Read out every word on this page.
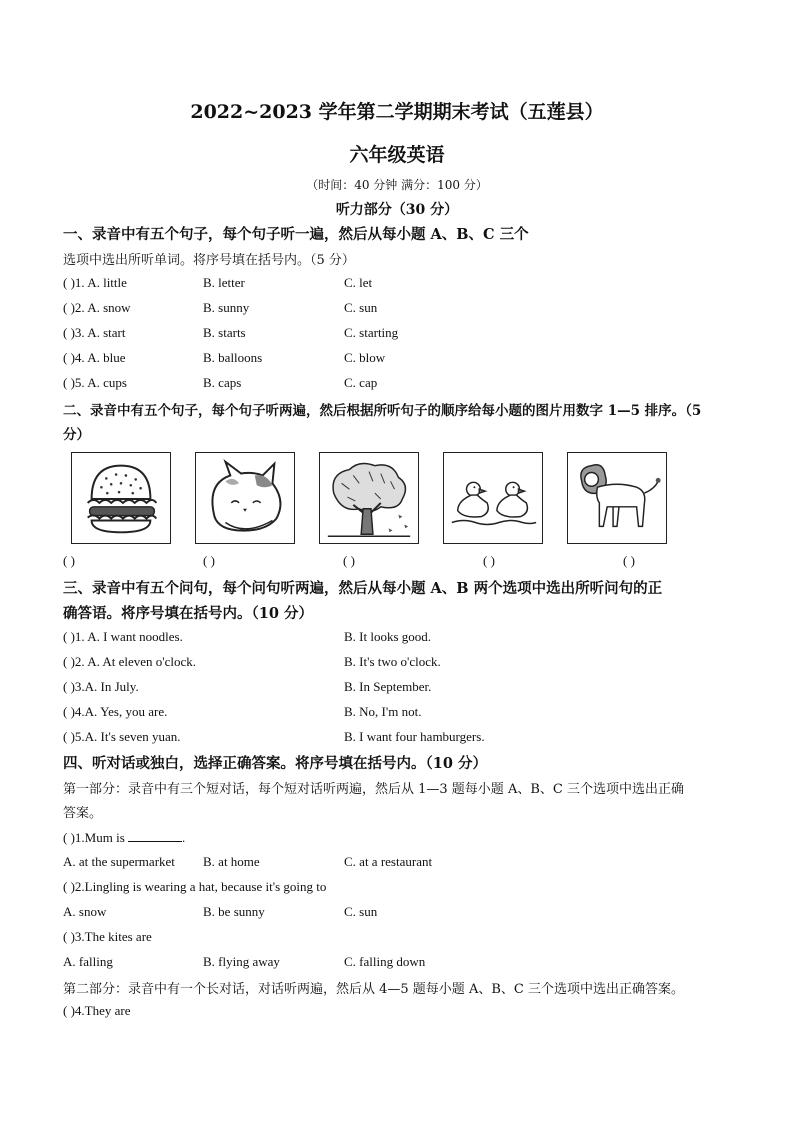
2022~2023 学年第二学期期末考试（五莲县）
六年级英语
（时间：40 分钟 满分：100 分）
听力部分（30 分）
一、录音中有五个句子，每个句子听一遍，然后从每小题 A、B、C 三个
选项中选出所听单词。将序号填在括号内。（5 分）
( )1. A. little	B. letter	C. let
( )2. A. snow	B. sunny	C. sun
( )3. A. start	B. starts	C. starting
( )4. A. blue	B. balloons	C. blow
( )5. A. cups	B. caps	C. cap
二、录音中有五个句子，每个句子听两遍，然后根据所听句子的顺序给每小题的图片用数字 1—5 排序。（5
分）
( )	( )	( )	( )	( )
三、录音中有五个问句，每个问句听两遍，然后从每小题 A、B 两个选项中选出所听问句的正
确答语。将序号填在括号内。（10 分）
( )1. A. I want noodles.	B. It looks good.
( )2. A. At eleven o'clock.	B. It's two o'clock.
( )3.A. In July.	B. In September.
( )4.A. Yes, you are.	B. No, I'm not.
( )5.A. It's seven yuan.	B. I want four hamburgers.
四、听对话或独白，选择正确答案。将序号填在括号内。（10 分）
第一部分：录音中有三个短对话，每个短对话听两遍，然后从 1—3 题每小题 A、B、C 三个选项中选出正确
答案。
( )1.Mum is	.
A. at the supermarket B. at home	C. at a restaurant
( )2.Lingling is wearing a hat, because it's going to
A. snow	B. be sunny	C. sun
( )3.The kites are
A. falling	B. flying away	C. falling down
第二部分：录音中有一个长对话，对话听两遍，然后从 4—5 题每小题 A、B、C 三个选项中选出正确答案。
( )4.They are
